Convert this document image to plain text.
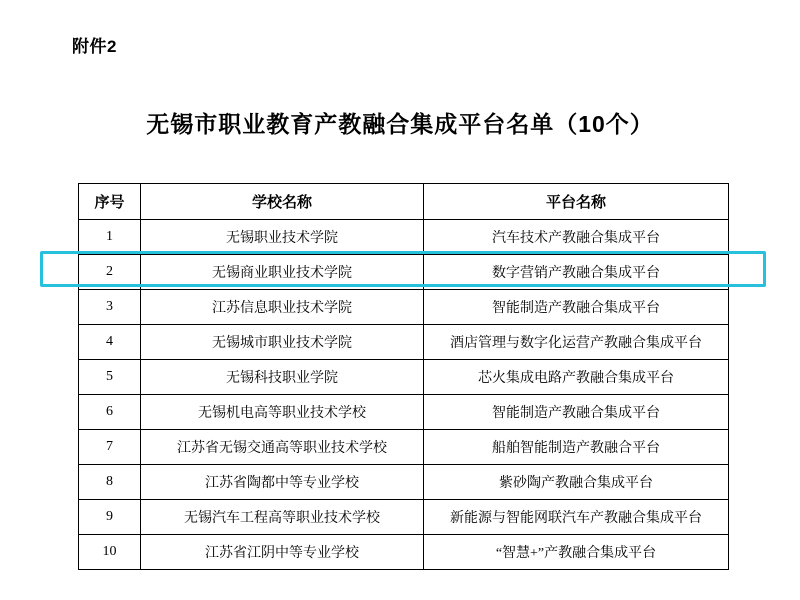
附件2
无锡市职业教育产教融合集成平台名单（10个）
序号	学校名称	平台名称
1	无锡职业技术学院	汽车技术产教融合集成平台
2	无锡商业职业技术学院	数字营销产教融合集成平台
3	江苏信息职业技术学院	智能制造产教融合集成平台
4	无锡城市职业技术学院	酒店管理与数字化运营产教融合集成平台
5	无锡科技职业学院	芯火集成电路产教融合集成平台
6	无锡机电高等职业技术学校	智能制造产教融合集成平台
7	江苏省无锡交通高等职业技术学校	船舶智能制造产教融合平台
8	江苏省陶都中等专业学校	紫砂陶产教融合集成平台
9	无锡汽车工程高等职业技术学校	新能源与智能网联汽车产教融合集成平台
10	江苏省江阴中等专业学校	“智慧+”产教融合集成平台
